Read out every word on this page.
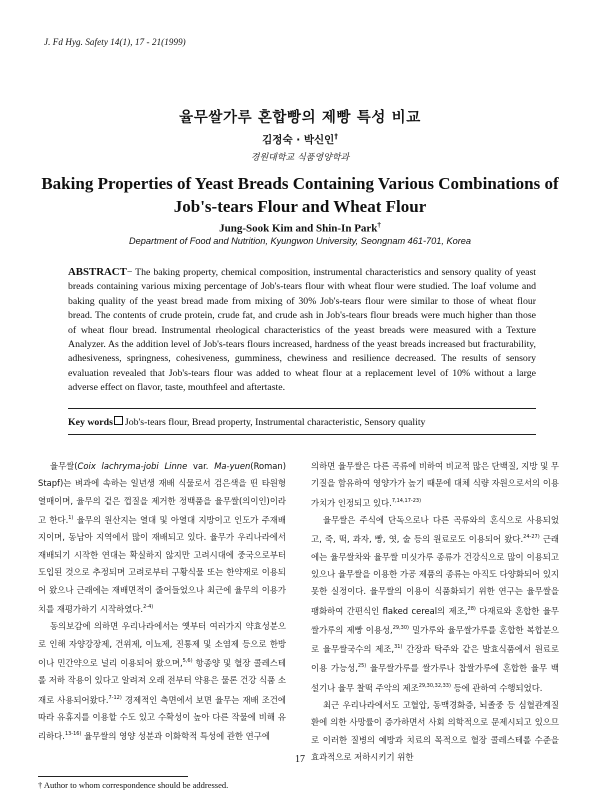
J. Fd Hyg. Safety 14(1), 17 - 21(1999)
율무쌀가루 혼합빵의 제빵 특성 비교
김정숙 · 박신인†
경원대학교 식품영양학과
Baking Properties of Yeast Breads Containing Various Combinations of Job's-tears Flour and Wheat Flour
Jung-Sook Kim and Shin-In Park†
Department of Food and Nutrition, Kyungwon University, Seongnam 461-701, Korea
ABSTRACT− The baking property, chemical composition, instrumental characteristics and sensory quality of yeast breads containing various mixing percentage of Job's-tears flour with wheat flour were studied. The loaf volume and baking quality of the yeast bread made from mixing of 30% Job's-tears flour were similar to those of wheat flour bread. The contents of crude protein, crude fat, and crude ash in Job's-tears flour breads were much higher than those of wheat flour bread. Instrumental rheological characteristics of the yeast breads were measured with a Texture Analyzer. As the addition level of Job's-tears flours increased, hardness of the yeast breads increased but fracturability, adhesiveness, springness, cohesiveness, gumminess, chewiness and resilience decreased. The results of sensory evaluation revealed that Job's-tears flour was added to wheat flour at a replacement level of 10% without a large adverse effect on flavor, taste, mouthfeel and aftertaste.
Key words Job's-tears flour, Bread property, Instrumental characteristic, Sensory quality

율무쌀(Coix lachryma-jobi Linne var. Ma-yuen(Roman) Stapf)는 벼과에 속하는 일년생 재배 식물로서 검은색을 띤 타원형 열매이며, 율무의 겉은 껍질을 제거한 정백품을 율무쌀(의이인)이라고 한다.$^{1)}$ 율무의 원산지는 열대 및 아열대 지방이고 인도가 주재배지이며, 동남아 지역에서 많이 재배되고 있다. 율무가 우리나라에서 재배되기 시작한 연대는 확실하지 않지만 고려시대에 중국으로부터 도입된 것으로 추정되며 고려로부터 구황식물 또는 한약재로 이용되어 왔으나 근래에는 재배면적이 줄어들었으나 최근에 율무의 이용가치를 재평가하기 시작하였다.$^{2-4)}$

동의보감에 의하면 우리나라에서는 옛부터 여러가지 약효성분으로 인해 자양강장제, 건위제, 이뇨제, 진통제 및 소염제 등으로 한방이나 민간약으로 널리 이용되어 왔으며,$^{5,6)}$ 항종양 및 혈장 콜레스테롤 저하 작용이 있다고 알려져 오래 전부터 약용은 물론 건강 식품 소재로 사용되어왔다.$^{7-12)}$ 경제적인 측면에서 보면 율무는 재배 조건에 따라 유휴지를 이용할 수도 있고 수확성이 높아 다른 작물에 비해 유리하다.$^{13-16)}$ 율무쌀의 영양 성분과 이화학적 특성에 관한 연구에

의하면 율무쌀은 다른 곡류에 비하여 비교적 많은 단백질, 지방 및 무기질을 함유하여 영양가가 높기 때문에 대체 식량 자원으로서의 이용 가치가 인정되고 있다.$^{7,14,17-23)}$

율무쌀은 주식에 단독으로나 다른 곡류와의 혼식으로 사용되었고, 죽, 떡, 과자, 빵, 엿, 술 등의 원료로도 이용되어 왔다.$^{24-27)}$ 근래에는 율무쌀차와 율무쌀 미싯가루 종류가 건강식으로 많이 이용되고 있으나 율무쌀을 이용한 가공 제품의 종류는 아직도 다양화되어 있지 못한 실정이다. 율무쌀의 이용이 식품화되기 위한 연구는 율무쌀을 팽화하여 간편식인 flaked cereal의 제조,$^{28)}$ 다재료와 혼합한 율무쌀가루의 제빵 이용성,$^{29,30)}$ 밀가루와 율무쌀가루를 혼합한 복합분으로 율무쌀국수의 제조,$^{31)}$ 간장과 탁주와 같은 발효식품에서 원료로 이용 가능성,$^{25)}$ 율무쌀가루를 쌀가루나 찹쌀가루에 혼합한 율무 백설기나 율무 찰떡 주악의 제조$^{29,30,32,33)}$ 등에 관하여 수행되었다.

최근 우리나라에서도 고혈압, 동맥경화증, 뇌졸중 등 심혈관계질환에 의한 사망률이 증가하면서 사회 의학적으로 문제시되고 있으므로 이러한 질병의 예방과 치료의 목적으로 혈장 콜레스테롤 수준을 효과적으로 저하시키기 위한

17
† Author to whom correspondence should be addressed.
